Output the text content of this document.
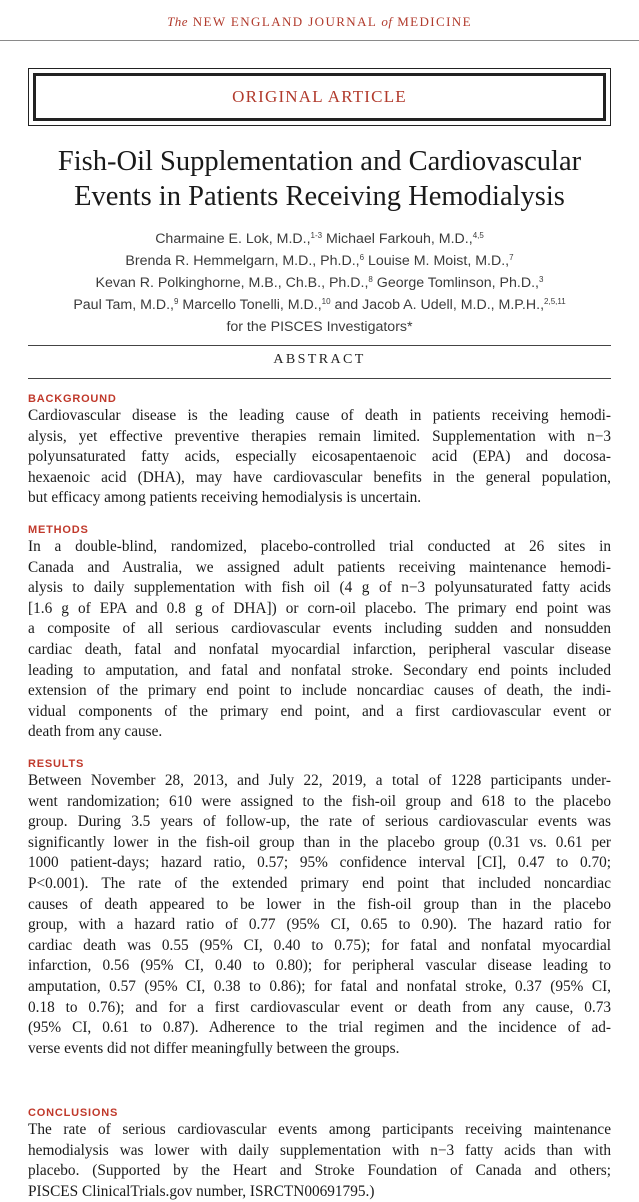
The NEW ENGLAND JOURNAL of MEDICINE
ORIGINAL ARTICLE
Fish-Oil Supplementation and Cardiovascular
Events in Patients Receiving Hemodialysis
Charmaine E. Lok, M.D.,$^{1-3}$ Michael Farkouh, M.D.,$^{4,5}$
Brenda R. Hemmelgarn, M.D., Ph.D.,$^6$ Louise M. Moist, M.D.,$^7$
Kevan R. Polkinghorne, M.B., Ch.B., Ph.D.,$^8$ George Tomlinson, Ph.D.,$^3$
Paul Tam, M.D.,$^9$ Marcello Tonelli, M.D.,$^{10}$ and Jacob A. Udell, M.D., M.P.H.,$^{2,5,11}$
for the PISCES Investigators*
ABSTRACT
BACKGROUND
Cardiovascular disease is the leading cause of death in patients receiving hemodi-
alysis, yet effective preventive therapies remain limited. Supplementation with n−3
polyunsaturated fatty acids, especially eicosapentaenoic acid (EPA) and docosa-
hexaenoic acid (DHA), may have cardiovascular benefits in the general population,
but efficacy among patients receiving hemodialysis is uncertain.
METHODS
In a double-blind, randomized, placebo-controlled trial conducted at 26 sites in
Canada and Australia, we assigned adult patients receiving maintenance hemodi-
alysis to daily supplementation with fish oil (4 g of n−3 polyunsaturated fatty acids
[1.6 g of EPA and 0.8 g of DHA]) or corn-oil placebo. The primary end point was
a composite of all serious cardiovascular events including sudden and nonsudden
cardiac death, fatal and nonfatal myocardial infarction, peripheral vascular disease
leading to amputation, and fatal and nonfatal stroke. Secondary end points included
extension of the primary end point to include noncardiac causes of death, the indi-
vidual components of the primary end point, and a first cardiovascular event or
death from any cause.
RESULTS
Between November 28, 2013, and July 22, 2019, a total of 1228 participants under-
went randomization; 610 were assigned to the fish-oil group and 618 to the placebo
group. During 3.5 years of follow-up, the rate of serious cardiovascular events was
significantly lower in the fish-oil group than in the placebo group (0.31 vs. 0.61 per
1000 patient-days; hazard ratio, 0.57; 95% confidence interval [CI], 0.47 to 0.70;
P<0.001). The rate of the extended primary end point that included noncardiac
causes of death appeared to be lower in the fish-oil group than in the placebo
group, with a hazard ratio of 0.77 (95% CI, 0.65 to 0.90). The hazard ratio for
cardiac death was 0.55 (95% CI, 0.40 to 0.75); for fatal and nonfatal myocardial
infarction, 0.56 (95% CI, 0.40 to 0.80); for peripheral vascular disease leading to
amputation, 0.57 (95% CI, 0.38 to 0.86); for fatal and nonfatal stroke, 0.37 (95% CI,
0.18 to 0.76); and for a first cardiovascular event or death from any cause, 0.73
(95% CI, 0.61 to 0.87). Adherence to the trial regimen and the incidence of ad-
verse events did not differ meaningfully between the groups.
CONCLUSIONS
The rate of serious cardiovascular events among participants receiving maintenance
hemodialysis was lower with daily supplementation with n−3 fatty acids than with
placebo. (Supported by the Heart and Stroke Foundation of Canada and others;
PISCES ClinicalTrials.gov number, ISRCTN00691795.)
